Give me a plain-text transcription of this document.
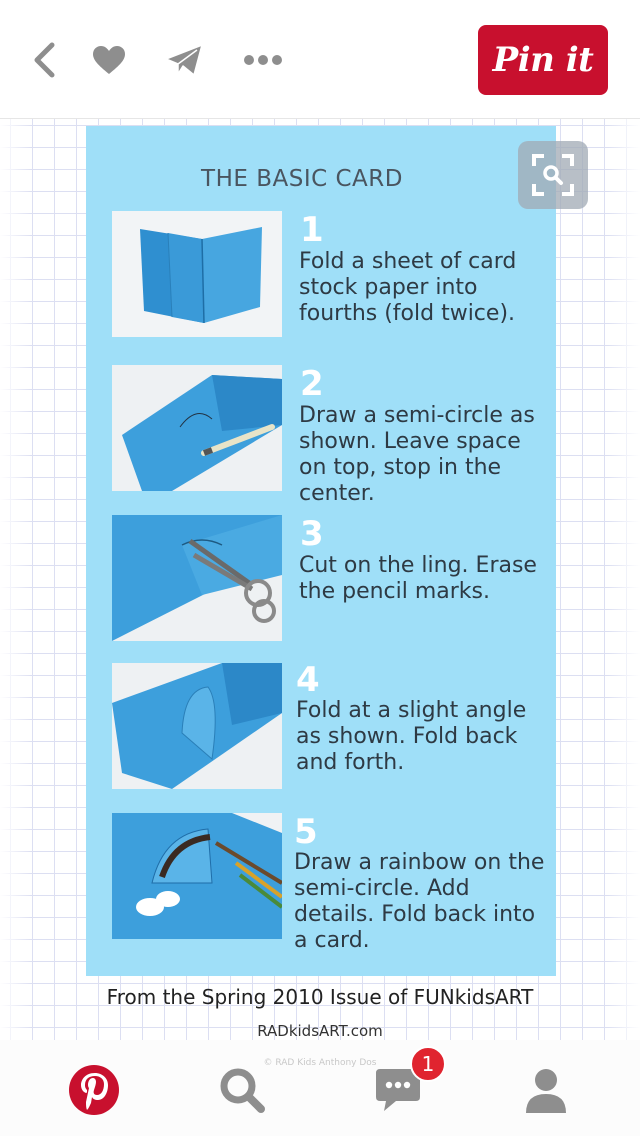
Pin it
THE BASIC CARD
1
Fold a sheet of card stock paper into fourths (fold twice).
2
Draw a semi-circle as shown. Leave space on top, stop in the center.
3
Cut on the ling. Erase the pencil marks.
4
Fold at a slight angle as shown. Fold back and forth.
5
Draw a rainbow on the semi-circle. Add details. Fold back into a card.
From the Spring 2010 Issue of FUNkidsART
RADkidsART.com
© RAD Kids Anthony Dos	1
